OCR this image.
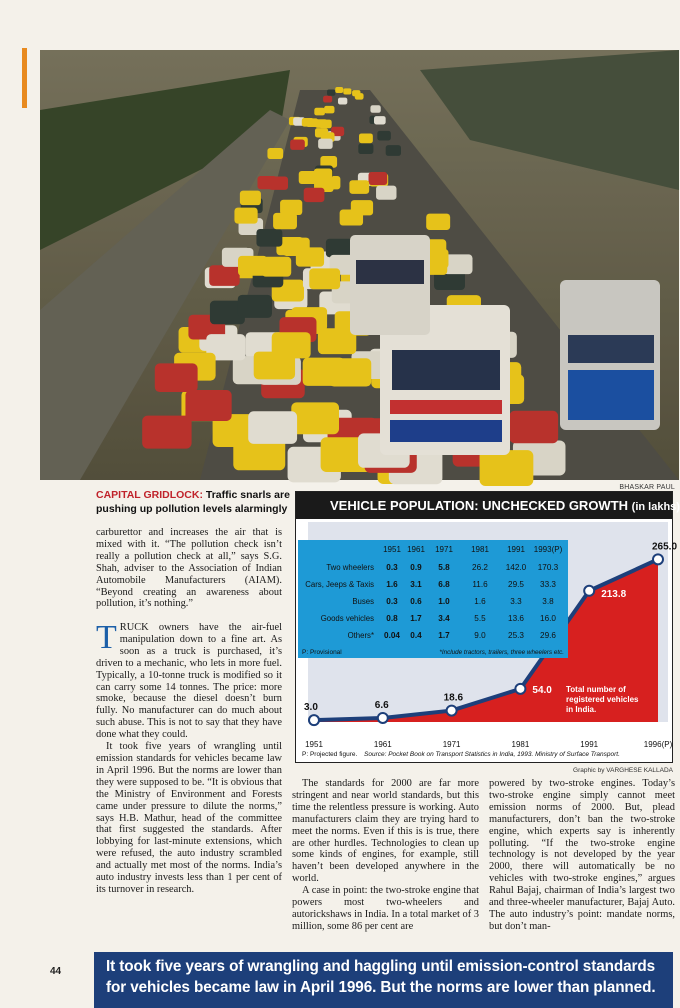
BHASKAR PAUL
CAPITAL GRIDLOCK: Traffic snarls are pushing up pollution levels alarmingly

carburettor and increases the air that is mixed with it. “The pollution check isn’t really a pollution check at all,” says S.G. Shah, adviser to the Association of Indian Automobile Manufacturers (AIAM). “Beyond creating an awareness about pollution, it’s nothing.”

TRUCK owners have the air-fuel manipulation down to a fine art. As soon as a truck is purchased, it’s driven to a mechanic, who lets in more fuel. Typically, a 10-tonne truck is modified so it can carry some 14 tonnes. The price: more smoke, because the diesel doesn’t burn fully. No manufacturer can do much about such abuse. This is not to say that they have done what they could.

It took five years of wrangling until emission standards for vehicles became law in April 1996. But the norms are lower than they were supposed to be. “It is obvious that the Ministry of Environment and Forests came under pressure to dilute the norms,” says H.B. Mathur, head of the committee that first suggested the standards. After lobbying for last-minute extensions, which were refused, the auto industry scrambled and actually met most of the norms. India’s auto industry invests less than 1 per cent of its turnover in research.

VEHICLE POPULATION: UNCHECKED GROWTH (in lakhs)
3.0	6.6
18.6
54.0
213.8
265.0
1951	1961	1971	1981	1991	1996(P)
Total number of
registered vehicles
in India.
P: Projected figure. Source: Pocket Book on Transport Statistics in India, 1993. Ministry of Surface Transport.
1951 1961 1971 1981 1991 1993(P)
Two wheelers 0.3 0.9 5.8	26.2 142.0 170.3
Cars, Jeeps & Taxis 1.6 3.1 6.8	11.6 29.5 33.3
Buses 0.3 0.6 1.0	1.6	3.3	3.8
Goods vehicles 0.8 1.7 3.4	5.5	13.6 16.0
Others* 0.04 0.4 1.7	9.0	25.3 29.6
P: Provisional	*Include tractors, trailers, three wheelers etc.
Graphic by VARGHESE KALLADA

The standards for 2000 are far more stringent and near world standards, but this time the relentless pressure is working. Auto manufacturers claim they are trying hard to meet the norms. Even if this is is true, there are other hurdles. Technologies to clean up some kinds of engines, for example, still haven’t been developed anywhere in the world.

A case in point: the two-stroke engine that powers most two-wheelers and autorickshaws in India. In a total market of 3 million, some 86 per cent are

powered by two-stroke engines. Today’s two-stroke engine simply cannot meet emission norms of 2000. But, plead manufacturers, don’t ban the two-stroke engine, which experts say is inherently polluting. “If the two-stroke engine technology is not developed by the year 2000, there will automatically be no vehicles with two-stroke engines,” argues Rahul Bajaj, chairman of India’s largest two and three-wheeler manufacturer, Bajaj Auto. The auto industry’s point: mandate norms, but don’t man-

44	It took five years of wrangling and haggling until emission-control standards for vehicles became law in April 1996. But the norms are lower than planned.
